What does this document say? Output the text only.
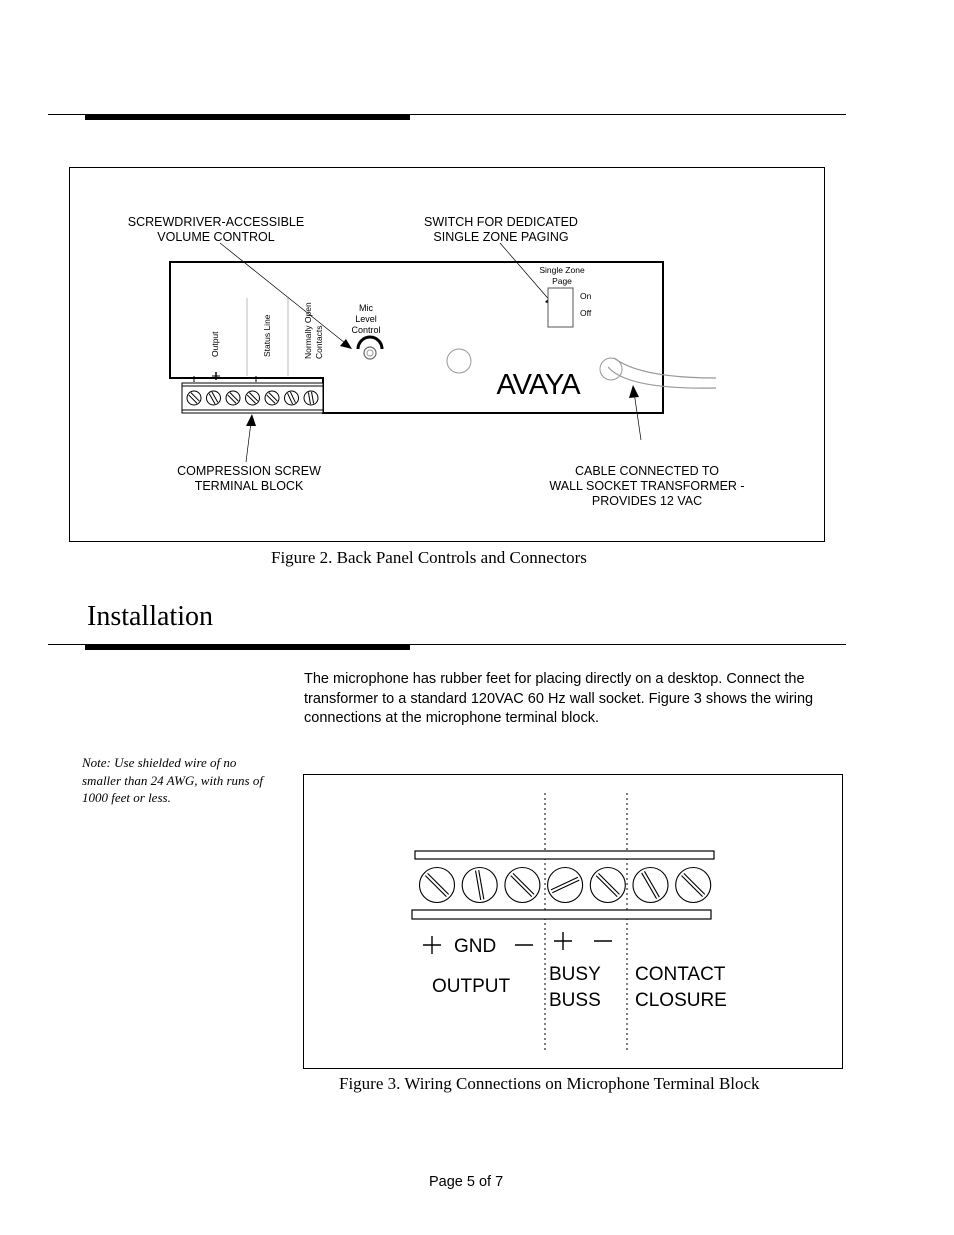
SCREWDRIVER-ACCESSIBLE
VOLUME CONTROL
SWITCH FOR DEDICATED
SINGLE ZONE PAGING
COMPRESSION SCREW
TERMINAL BLOCK
CABLE CONNECTED TO
WALL SOCKET TRANSFORMER -
PROVIDES 12 VAC
Output	Status Line	Normally Open Contacts
Mic
Level
Control
Single Zone
Page
On
Off
AVAYA
Figure 2. Back Panel Controls and Connectors
Installation
The microphone has rubber feet for placing directly on a desktop. Connect the transformer to a standard 120VAC 60 Hz wall socket. Figure 3 shows the wiring connections at the microphone terminal block.
Note: Use shielded wire of no smaller than 24 AWG, with runs of 1000 feet or less.
GND
OUTPUT
BUSY
BUSS
CONTACT
CLOSURE
Figure 3. Wiring Connections on Microphone Terminal Block
Page 5 of 7
